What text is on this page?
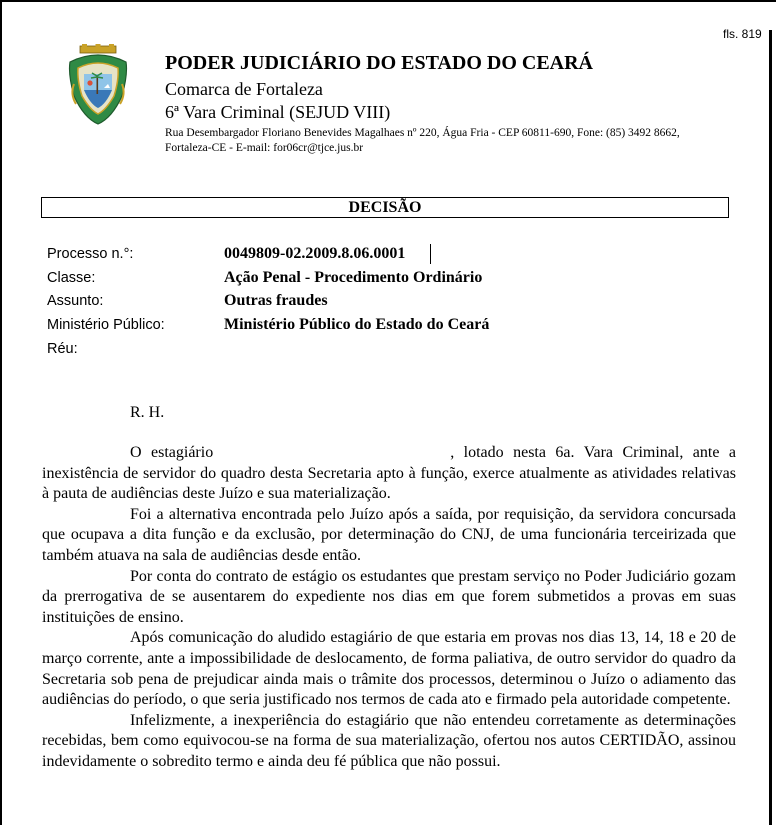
fls. 819
PODER JUDICIÁRIO DO ESTADO DO CEARÁ
Comarca de Fortaleza
6ª Vara Criminal (SEJUD VIII)
Rua Desembargador Floriano Benevides Magalhaes nº 220, Água Fria - CEP 60811-690, Fone: (85) 3492 8662,
Fortaleza-CE - E-mail: for06cr@tjce.jus.br
DECISÃO
Processo n.°:	0049809-02.2009.8.06.0001
Classe:	Ação Penal - Procedimento Ordinário
Assunto:	Outras fraudes
Ministério Público:	Ministério Público do Estado do Ceará
Réu:
R. H.

O estagiário	, lotado nesta 6a. Vara Criminal, ante a inexistência de servidor do quadro desta Secretaria apto à função, exerce atualmente as atividades relativas à pauta de audiências deste Juízo e sua materialização.

Foi a alternativa encontrada pelo Juízo após a saída, por requisição, da servidora concursada que ocupava a dita função e da exclusão, por determinação do CNJ, de uma funcionária terceirizada que também atuava na sala de audiências desde então.

Por conta do contrato de estágio os estudantes que prestam serviço no Poder Judiciário gozam da prerrogativa de se ausentarem do expediente nos dias em que forem submetidos a provas em suas instituições de ensino.

Após comunicação do aludido estagiário de que estaria em provas nos dias 13, 14, 18 e 20 de março corrente, ante a impossibilidade de deslocamento, de forma paliativa, de outro servidor do quadro da Secretaria sob pena de prejudicar ainda mais o trâmite dos processos, determinou o Juízo o adiamento das audiências do período, o que seria justificado nos termos de cada ato e firmado pela autoridade competente.

Infelizmente, a inexperiência do estagiário que não entendeu corretamente as determinações recebidas, bem como equivocou-se na forma de sua materialização, ofertou nos autos CERTIDÃO, assinou indevidamente o sobredito termo e ainda deu fé pública que não possui.
